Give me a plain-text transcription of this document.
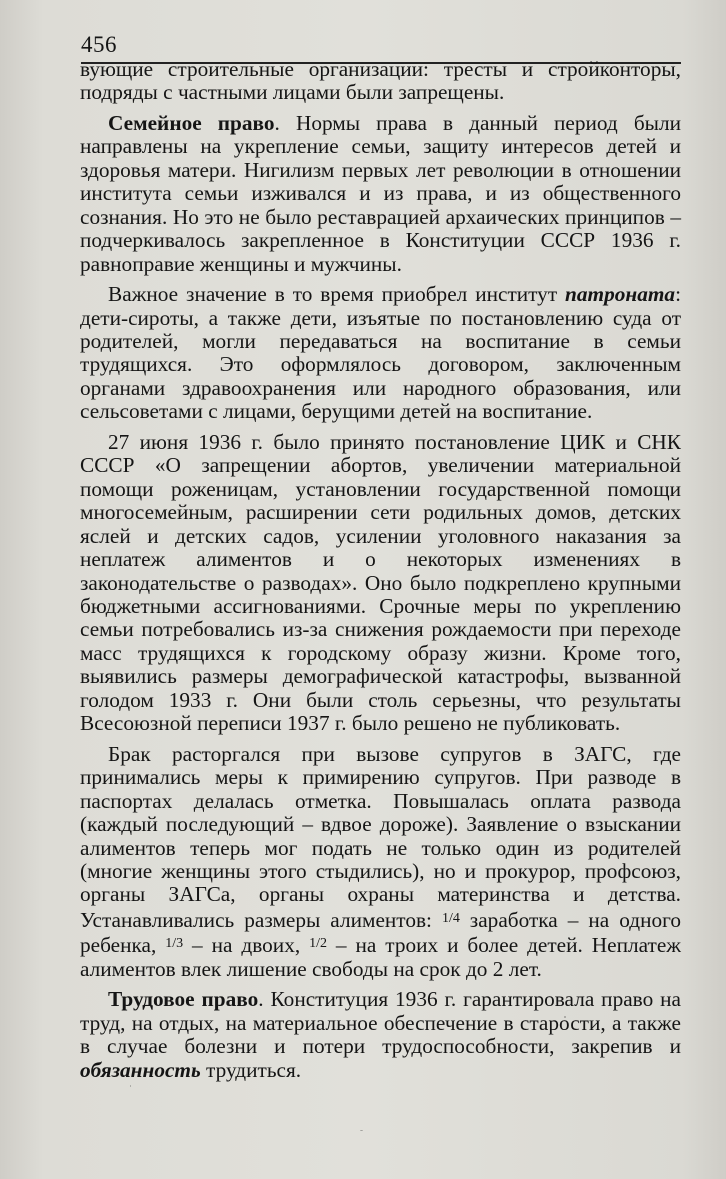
456

вующие строительные организации: тресты и стройконторы, подряды с частными лицами были запрещены.

Семейное право. Нормы права в данный период были направлены на укрепление семьи, защиту интересов детей и здоровья матери. Нигилизм первых лет революции в отношении института семьи изживался и из права, и из общественного сознания. Но это не было реставрацией архаических принципов – подчеркивалось закрепленное в Конституции СССР 1936 г. равноправие женщины и мужчины.

Важное значение в то время приобрел институт патроната: дети-сироты, а также дети, изъятые по постановлению суда от родителей, могли передаваться на воспитание в семьи трудящихся. Это оформлялось договором, заключенным органами здравоохранения или народного образования, или сельсоветами с лицами, берущими детей на воспитание.

27 июня 1936 г. было принято постановление ЦИК и СНК СССР «О запрещении абортов, увеличении материальной помощи роженицам, установлении государственной помощи многосемейным, расширении сети родильных домов, детских яслей и детских садов, усилении уголовного наказания за неплатеж алиментов и о некоторых изменениях в законодательстве о разводах». Оно было подкреплено крупными бюджетными ассигнованиями. Срочные меры по укреплению семьи потребовались из-за снижения рождаемости при переходе масс трудящихся к городскому образу жизни. Кроме того, выявились размеры демографической катастрофы, вызванной голодом 1933 г. Они были столь серьезны, что результаты Всесоюзной переписи 1937 г. было решено не публиковать.

Брак расторгался при вызове супругов в ЗАГС, где принимались меры к примирению супругов. При разводе в паспортах делалась отметка. Повышалась оплата развода (каждый последующий – вдвое дороже). Заявление о взыскании алиментов теперь мог подать не только один из родителей (многие женщины этого стыдились), но и прокурор, профсоюз, органы ЗАГСа, органы охраны материнства и детства. Устанавливались размеры алиментов: $^{1/4}$ заработка – на одного ребенка, $^{1/3}$ – на двоих, $^{1/2}$ – на троих и более детей. Неплатеж алиментов влек лишение свободы на срок до 2 лет.

Трудовое право. Конституция 1936 г. гарантировала право на труд, на отдых, на материальное обеспечение в старости, а также в случае болезни и потери трудоспособности, закрепив и обязанность трудиться.
